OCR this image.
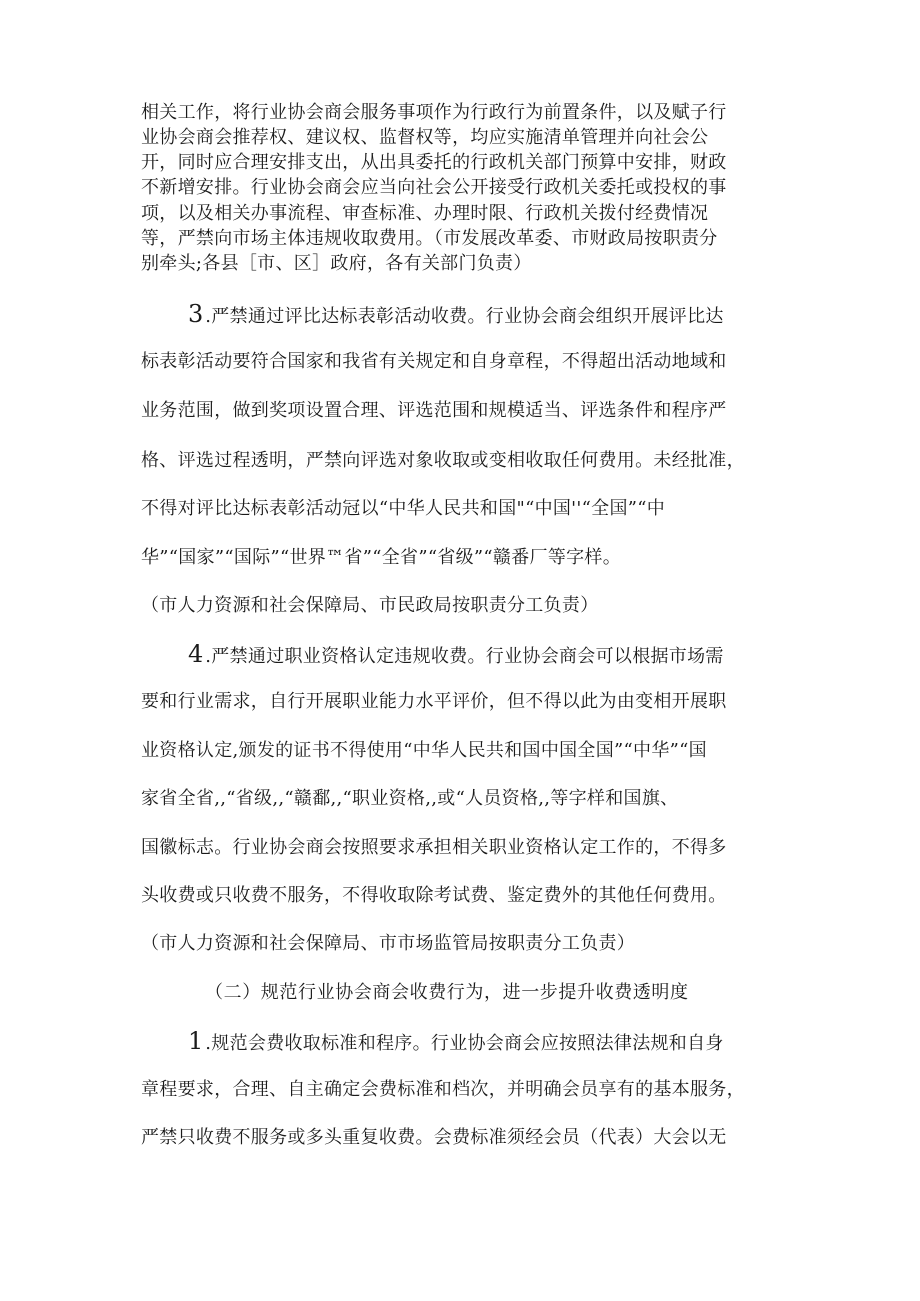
相关工作，将行业协会商会服务事项作为行政行为前置条件，以及赋子行
业协会商会推荐权、建议权、监督权等，均应实施清单管理并向社会公
开，同时应合理安排支出，从出具委托的行政机关部门预算中安排，财政
不新增安排。行业协会商会应当向社会公开接受行政机关委托或投权的事
项，以及相关办事流程、审查标准、办理时限、行政机关拨付经费情况
等，严禁向市场主体违规收取费用。（市发展改革委、市财政局按职责分
别牵头;各县［市、区］政府，各有关部门负责）
3 .严禁通过评比达标表彰活动收费。行业协会商会组织开展评比达
标表彰活动要符合国家和我省有关规定和自身章程，不得超出活动地域和
业务范围，做到奖项设置合理、评选范围和规模适当、评选条件和程序严
格、评选过程透明，严禁向评选对象收取或变相收取任何费用。未经批准，
不得对评比达标表彰活动冠以“中华人民共和国"“中国''“全国”“中
华”“国家”“国际”“世界™省”“全省”“省级”“赣番厂等字样。
（市人力资源和社会保障局、市民政局按职责分工负责）
4 .严禁通过职业资格认定违规收费。行业协会商会可以根据市场需
要和行业需求，自行开展职业能力水平评价，但不得以此为由变相开展职
业资格认定,颁发的证书不得使用“中华人民共和国中国全国”“中华”“国
家省全省,,“省级,,“赣鄱,,“职业资格,,或“人员资格,,等字样和国旗、
国徽标志。行业协会商会按照要求承担相关职业资格认定工作的，不得多
头收费或只收费不服务，不得收取除考试费、鉴定费外的其他任何费用。
（市人力资源和社会保障局、市市场监管局按职责分工负责）
（二）规范行业协会商会收费行为，进一步提升收费透明度
1 .规范会费收取标准和程序。行业协会商会应按照法律法规和自身
章程要求，合理、自主确定会费标准和档次，并明确会员享有的基本服务，
严禁只收费不服务或多头重复收费。会费标准须经会员（代表）大会以无
